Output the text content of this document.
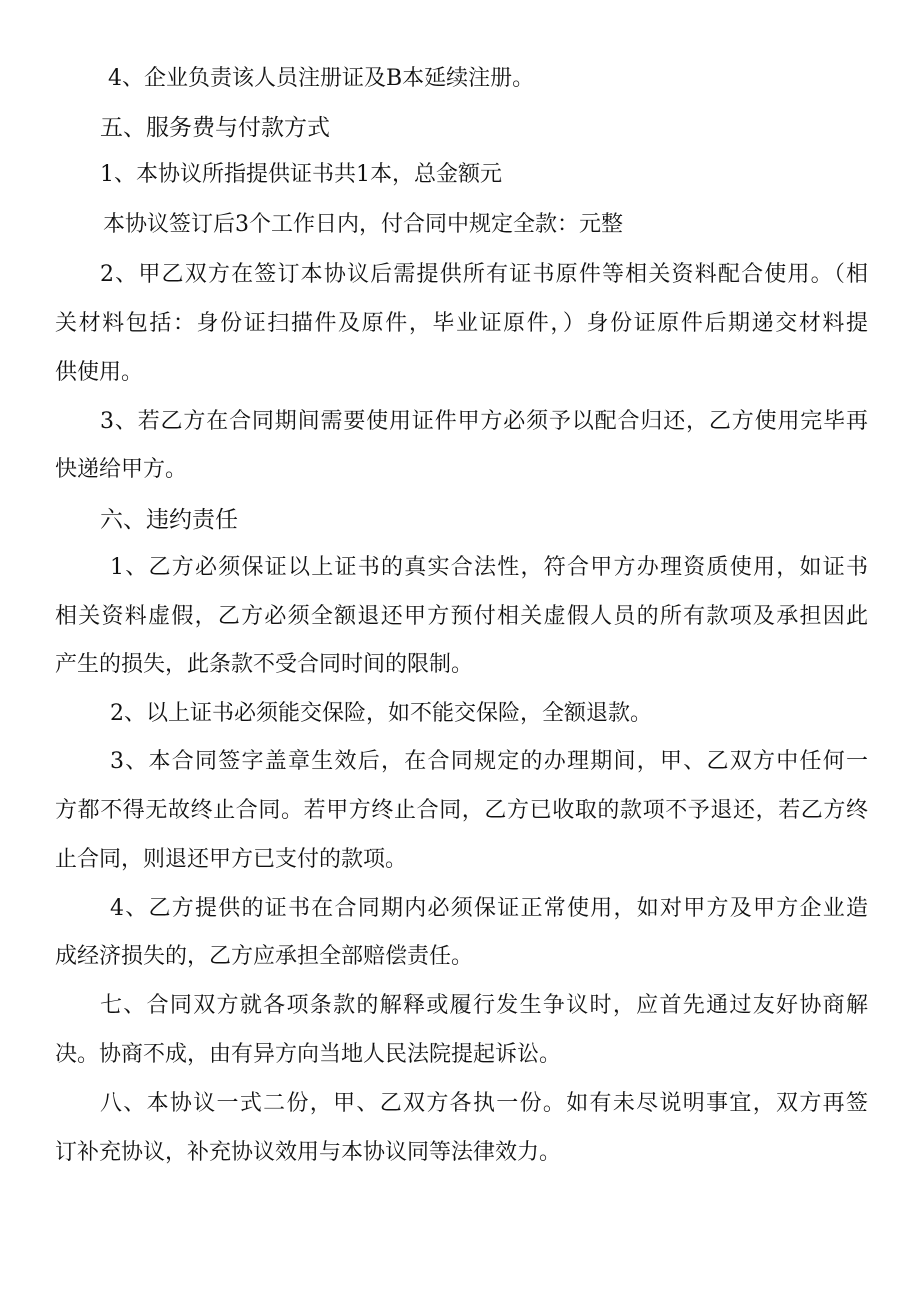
4、企业负责该人员注册证及B本延续注册。
五、服务费与付款方式
1、本协议所指提供证书共1本，总金额元
本协议签订后3个工作日内，付合同中规定全款：元整
2、甲乙双方在签订本协议后需提供所有证书原件等相关资料配合使用。（相
关材料包括：身份证扫描件及原件，毕业证原件，）身份证原件后期递交材料提
供使用。
3、若乙方在合同期间需要使用证件甲方必须予以配合归还，乙方使用完毕再
快递给甲方。
六、违约责任
1、乙方必须保证以上证书的真实合法性，符合甲方办理资质使用，如证书
相关资料虚假，乙方必须全额退还甲方预付相关虚假人员的所有款项及承担因此
产生的损失，此条款不受合同时间的限制。
2、以上证书必须能交保险，如不能交保险，全额退款。
3、本合同签字盖章生效后，在合同规定的办理期间，甲、乙双方中任何一
方都不得无故终止合同。若甲方终止合同，乙方已收取的款项不予退还，若乙方终
止合同，则退还甲方已支付的款项。
4、乙方提供的证书在合同期内必须保证正常使用，如对甲方及甲方企业造
成经济损失的，乙方应承担全部赔偿责任。
七、合同双方就各项条款的解释或履行发生争议时，应首先通过友好协商解
决。协商不成，由有异方向当地人民法院提起诉讼。
八、本协议一式二份，甲、乙双方各执一份。如有未尽说明事宜，双方再签
订补充协议，补充协议效用与本协议同等法律效力。
